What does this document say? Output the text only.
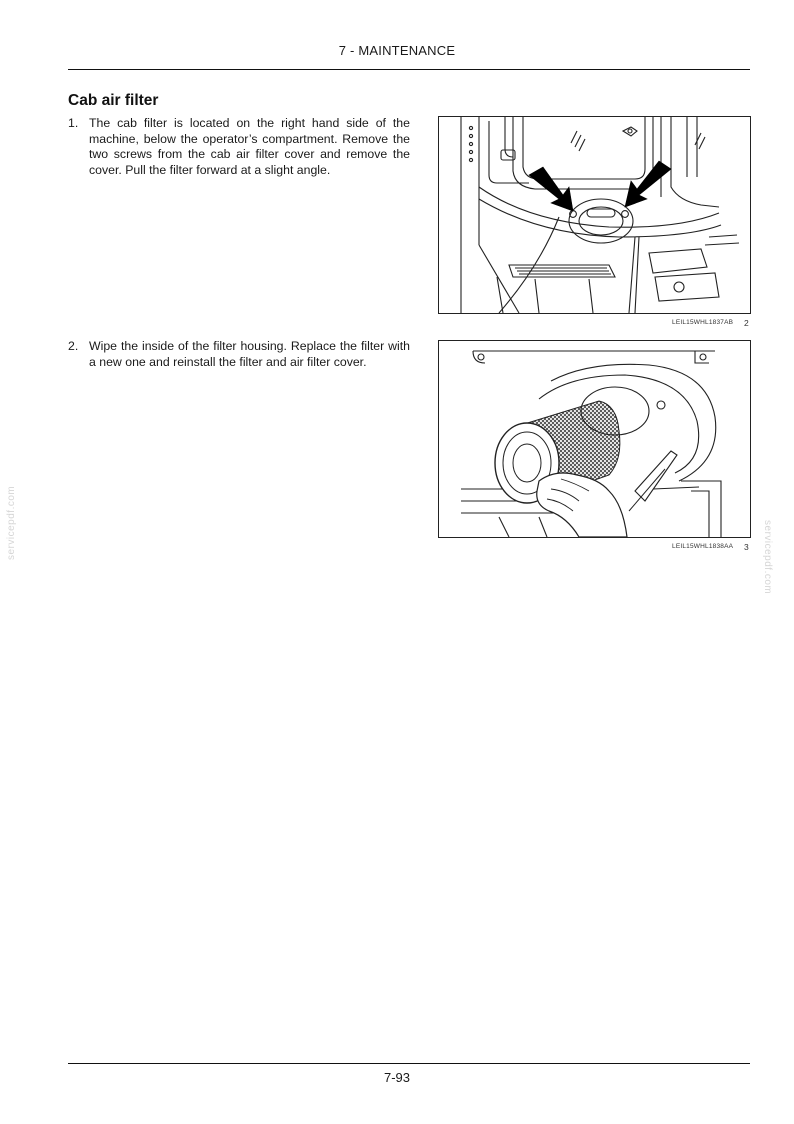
7 - MAINTENANCE
Cab air filter
1. The cab filter is located on the right hand side of the machine, below the operator’s compartment. Remove the two screws from the cab air filter cover and remove the cover. Pull the filter forward at a slight angle.
2. Wipe the inside of the filter housing. Replace the filter with a new one and reinstall the filter and air filter cover.
LEIL15WHL1837AB 2
LEIL15WHL1838AA 3
servicepdf.com	servicepdf.com
7-93
